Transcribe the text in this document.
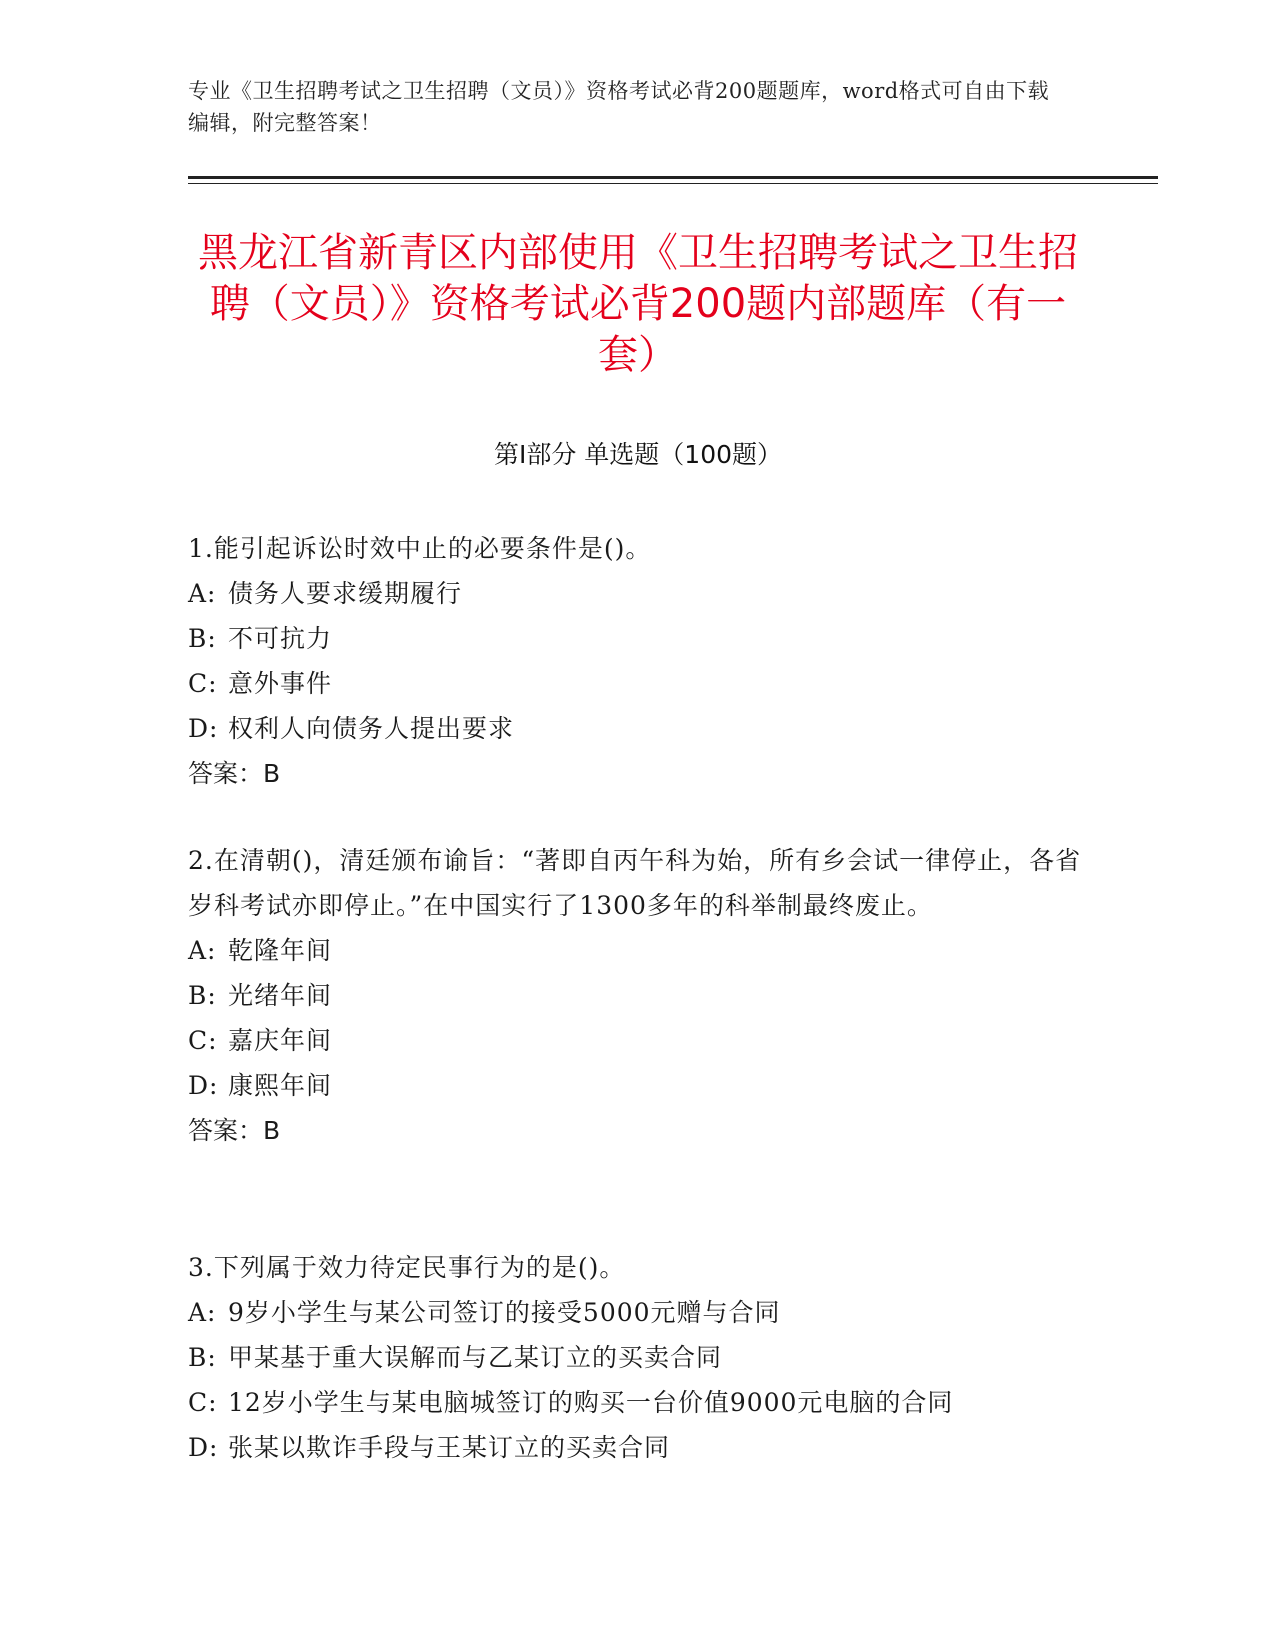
专业《卫生招聘考试之卫生招聘（文员）》资格考试必背200题题库，word格式可自由下载编辑，附完整答案！
黑龙江省新青区内部使用《卫生招聘考试之卫生招聘（文员）》资格考试必背200题内部题库（有一套）
第I部分 单选题（100题）
1.能引起诉讼时效中止的必要条件是()。
A: 债务人要求缓期履行
B: 不可抗力
C: 意外事件
D: 权利人向债务人提出要求
答案：B
2.在清朝()，清廷颁布谕旨：“著即自丙午科为始，所有乡会试一律停止，各省岁科考试亦即停止。”在中国实行了1300多年的科举制最终废止。
A: 乾隆年间
B: 光绪年间
C: 嘉庆年间
D: 康熙年间
答案：B
3.下列属于效力待定民事行为的是()。
A: 9岁小学生与某公司签订的接受5000元赠与合同
B: 甲某基于重大误解而与乙某订立的买卖合同
C: 12岁小学生与某电脑城签订的购买一台价值9000元电脑的合同
D: 张某以欺诈手段与王某订立的买卖合同
